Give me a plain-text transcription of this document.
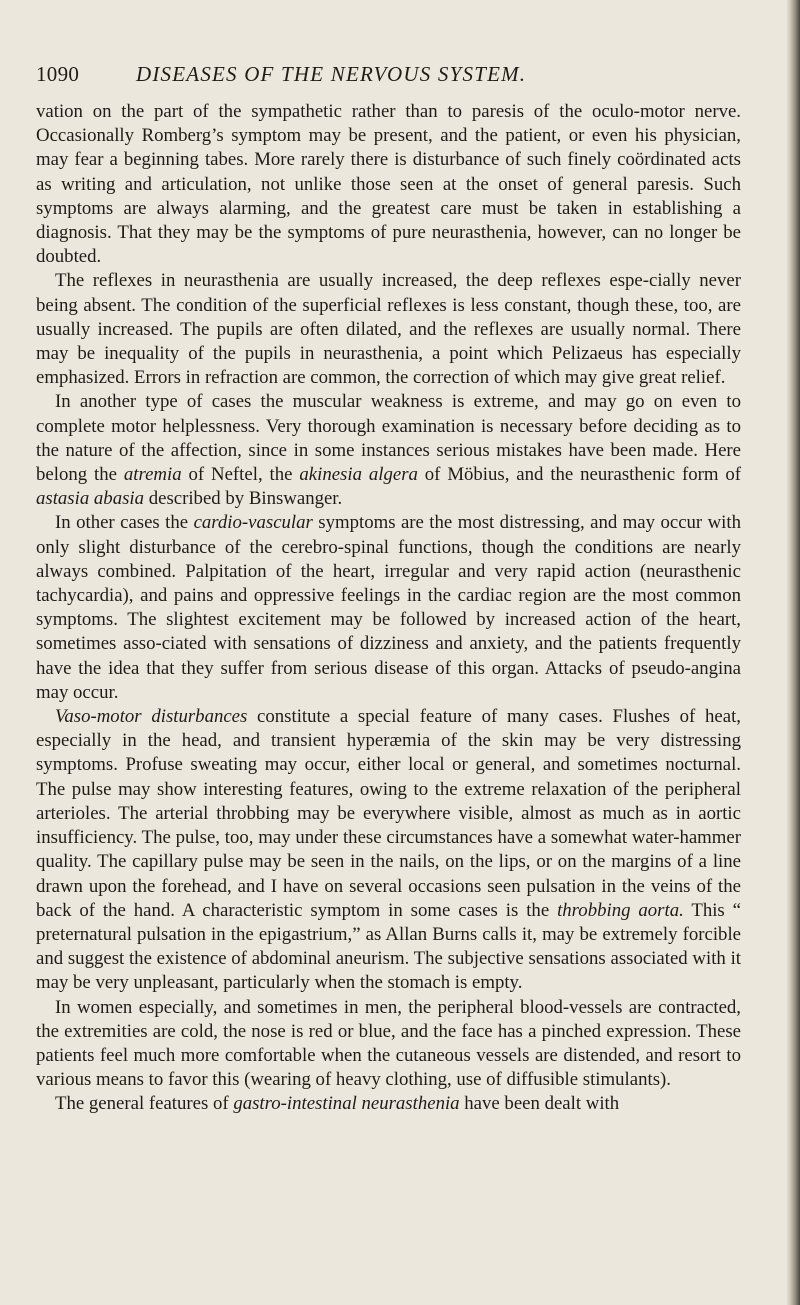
1090	DISEASES OF THE NERVOUS SYSTEM.

vation on the part of the sympathetic rather than to paresis of the oculo-motor nerve. Occasionally Romberg’s symptom may be present, and the patient, or even his physician, may fear a beginning tabes. More rarely there is disturbance of such finely coördinated acts as writing and articulation, not unlike those seen at the onset of general paresis. Such symptoms are always alarming, and the greatest care must be taken in establishing a diagnosis. That they may be the symptoms of pure neurasthenia, however, can no longer be doubted.

The reflexes in neurasthenia are usually increased, the deep reflexes espe-cially never being absent. The condition of the superficial reflexes is less constant, though these, too, are usually increased. The pupils are often dilated, and the reflexes are usually normal. There may be inequality of the pupils in neurasthenia, a point which Pelizaeus has especially emphasized. Errors in refraction are common, the correction of which may give great relief.

In another type of cases the muscular weakness is extreme, and may go on even to complete motor helplessness. Very thorough examination is necessary before deciding as to the nature of the affection, since in some instances serious mistakes have been made. Here belong the atremia of Neftel, the akinesia algera of Möbius, and the neurasthenic form of astasia abasia described by Binswanger.

In other cases the cardio-vascular symptoms are the most distressing, and may occur with only slight disturbance of the cerebro-spinal functions, though the conditions are nearly always combined. Palpitation of the heart, irregular and very rapid action (neurasthenic tachycardia), and pains and oppressive feelings in the cardiac region are the most common symptoms. The slightest excitement may be followed by increased action of the heart, sometimes asso-ciated with sensations of dizziness and anxiety, and the patients frequently have the idea that they suffer from serious disease of this organ. Attacks of pseudo-angina may occur.

Vaso-motor disturbances constitute a special feature of many cases. Flushes of heat, especially in the head, and transient hyperæmia of the skin may be very distressing symptoms. Profuse sweating may occur, either local or general, and sometimes nocturnal. The pulse may show interesting features, owing to the extreme relaxation of the peripheral arterioles. The arterial throbbing may be everywhere visible, almost as much as in aortic insufficiency. The pulse, too, may under these circumstances have a somewhat water-hammer quality. The capillary pulse may be seen in the nails, on the lips, or on the margins of a line drawn upon the forehead, and I have on several occasions seen pulsation in the veins of the back of the hand. A characteristic symptom in some cases is the throbbing aorta. This “ preternatural pulsation in the epigastrium,” as Allan Burns calls it, may be extremely forcible and suggest the existence of abdominal aneurism. The subjective sensations associated with it may be very unpleasant, particularly when the stomach is empty.

In women especially, and sometimes in men, the peripheral blood-vessels are contracted, the extremities are cold, the nose is red or blue, and the face has a pinched expression. These patients feel much more comfortable when the cutaneous vessels are distended, and resort to various means to favor this (wearing of heavy clothing, use of diffusible stimulants).

The general features of gastro-intestinal neurasthenia have been dealt with
